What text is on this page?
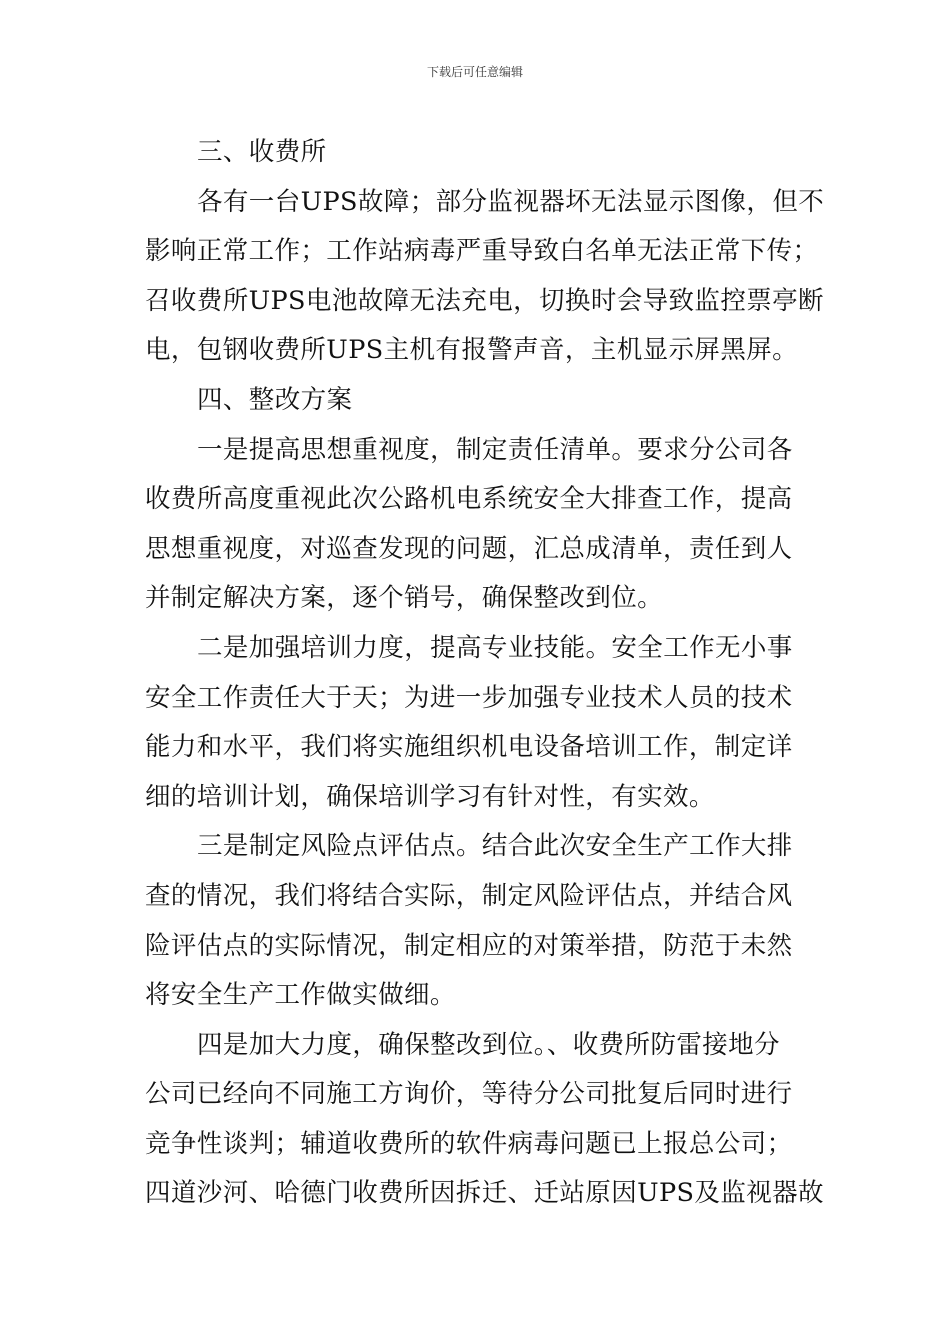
下载后可任意编辑
三、收费所
各有一台UPS故障；部分监视器坏无法显示图像，但不
影响正常工作；工作站病毒严重导致白名单无法正常下传；
召收费所UPS电池故障无法充电，切换时会导致监控票亭断
电，包钢收费所UPS主机有报警声音，主机显示屏黑屏。
四、整改方案
一是提高思想重视度，制定责任清单。要求分公司各
收费所高度重视此次公路机电系统安全大排查工作，提高
思想重视度，对巡查发现的问题，汇总成清单，责任到人
并制定解决方案，逐个销号，确保整改到位。
二是加强培训力度，提高专业技能。安全工作无小事
安全工作责任大于天；为进一步加强专业技术人员的技术
能力和水平，我们将实施组织机电设备培训工作，制定详
细的培训计划，确保培训学习有针对性，有实效。
三是制定风险点评估点。结合此次安全生产工作大排
查的情况，我们将结合实际，制定风险评估点，并结合风
险评估点的实际情况，制定相应的对策举措，防范于未然
将安全生产工作做实做细。
四是加大力度，确保整改到位。、收费所防雷接地分
公司已经向不同施工方询价，等待分公司批复后同时进行
竞争性谈判；辅道收费所的软件病毒问题已上报总公司；
四道沙河、哈德门收费所因拆迁、迁站原因UPS及监视器故
